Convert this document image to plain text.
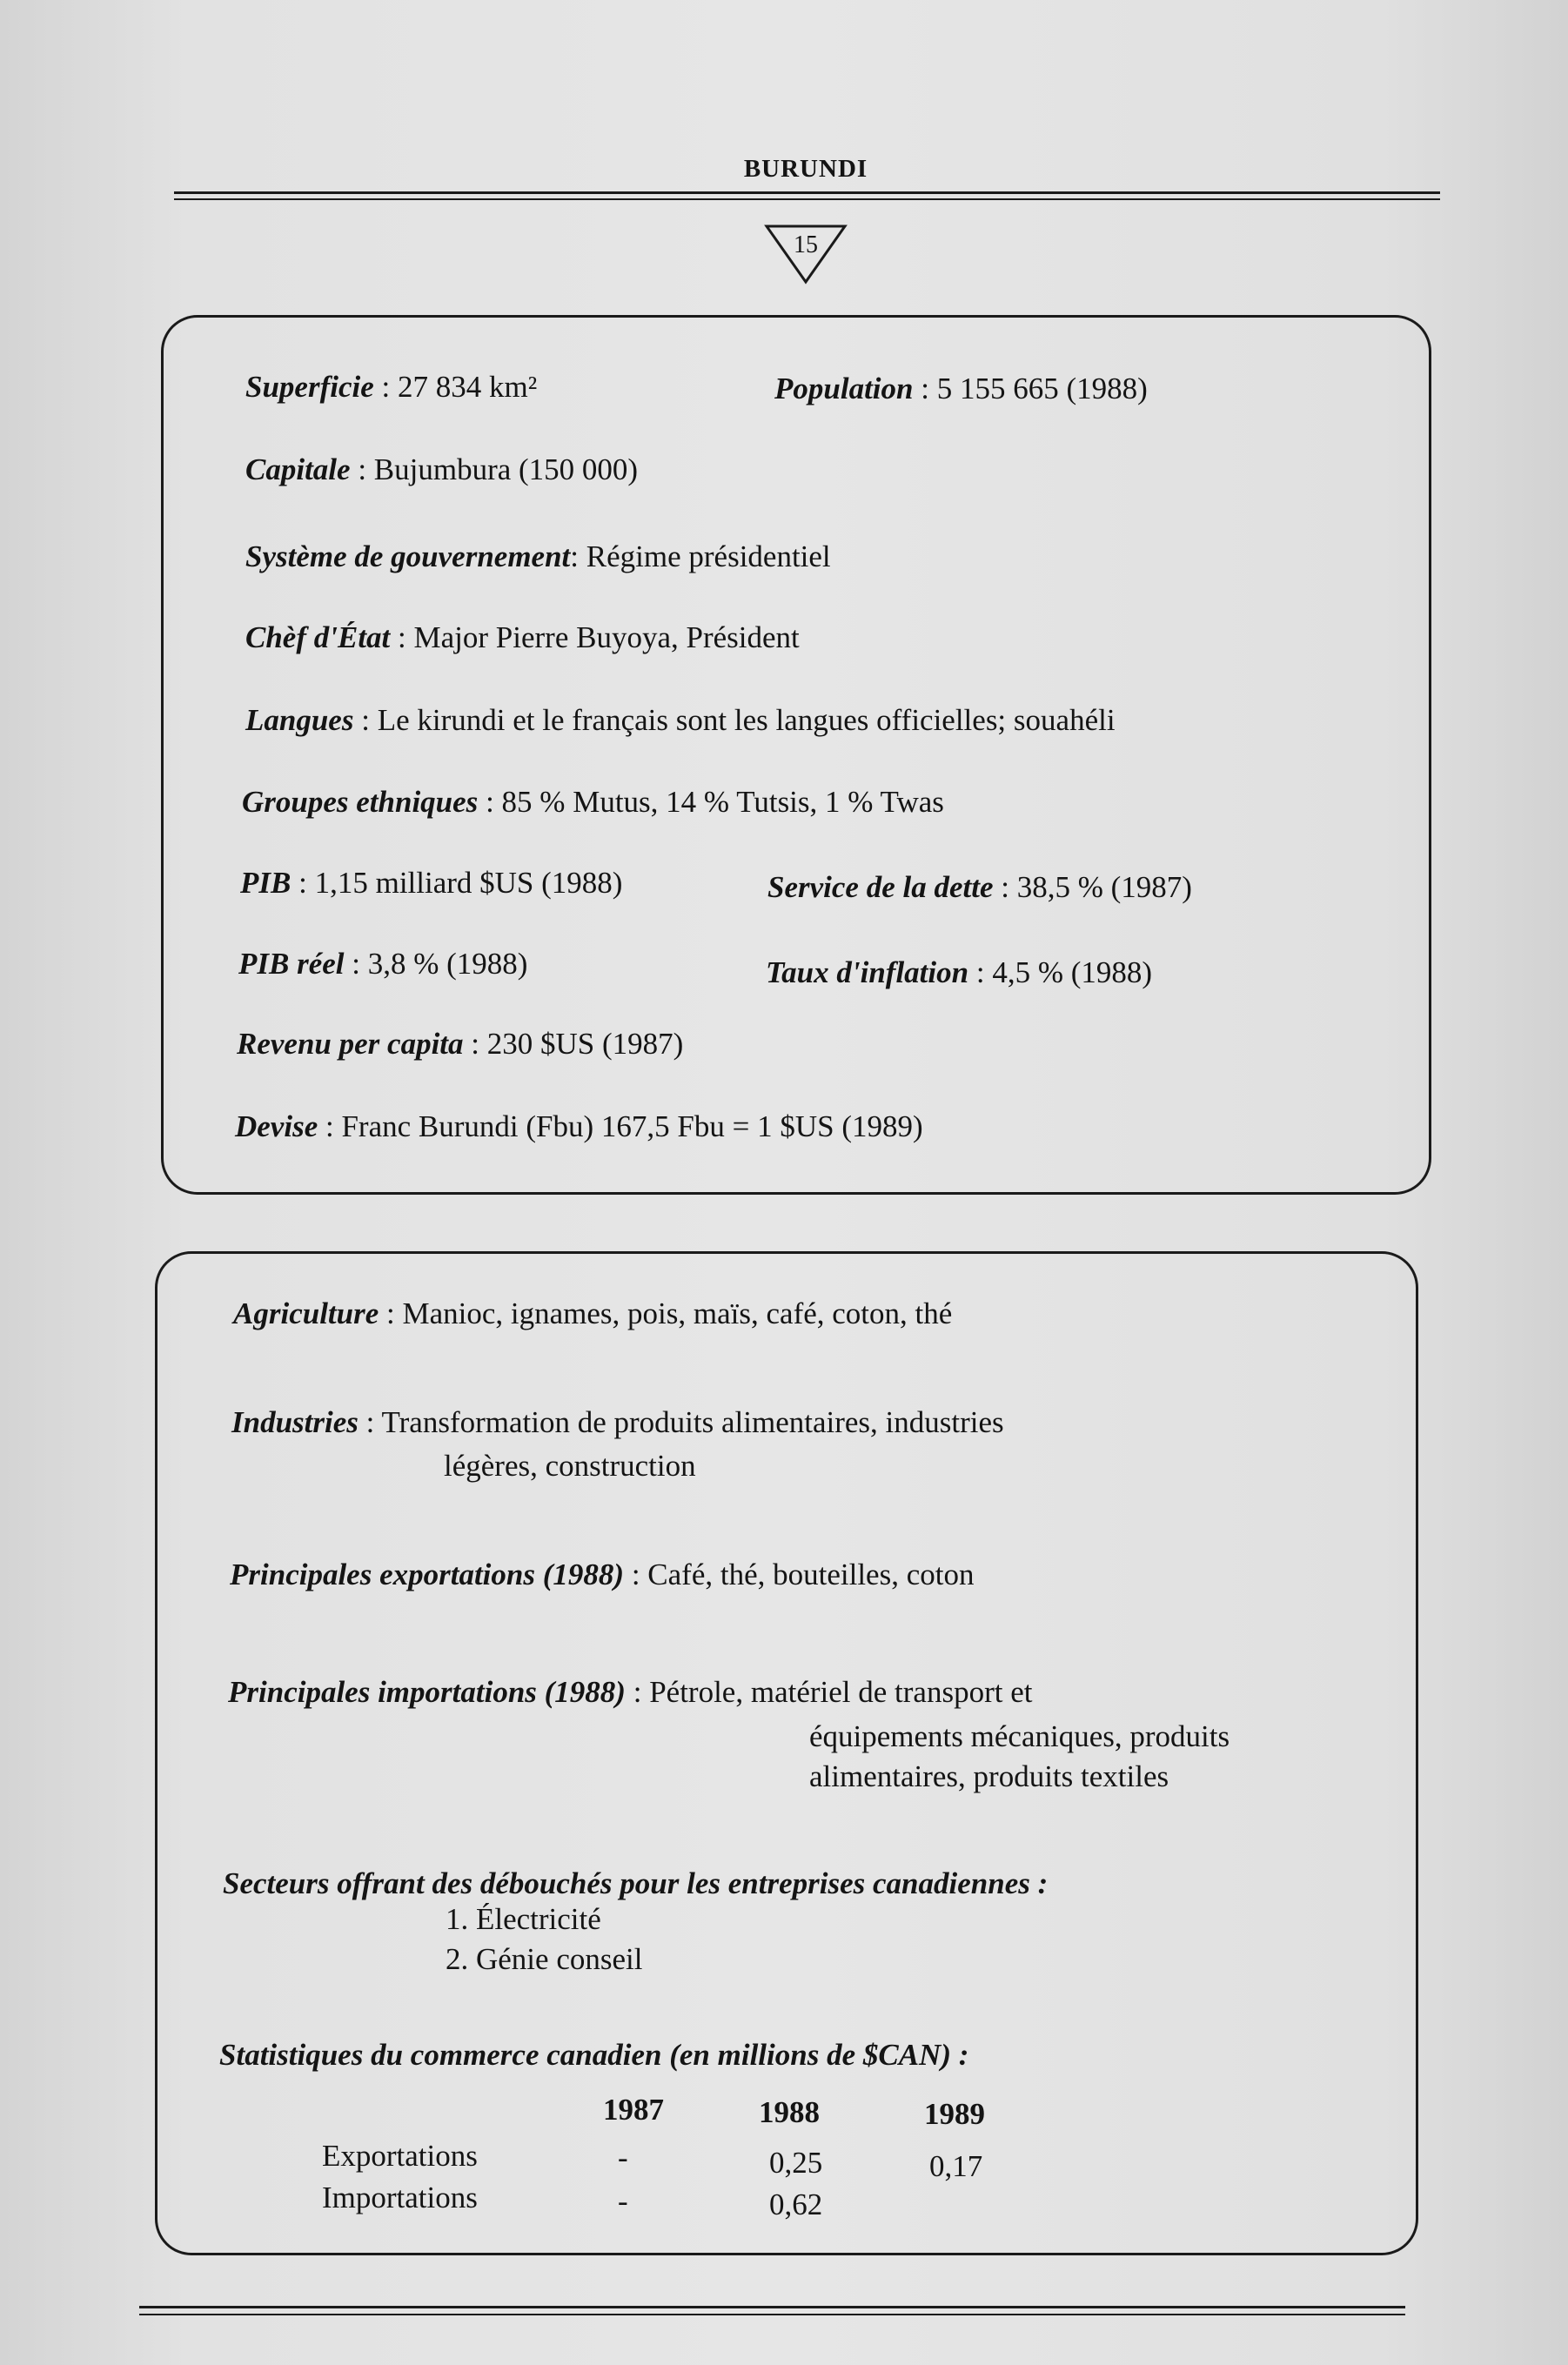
BURUNDI
15
Superficie : 27 834 km²	Population : 5 155 665 (1988)
Capitale : Bujumbura (150 000)
Système de gouvernement: Régime présidentiel
Chèf d'État : Major Pierre Buyoya, Président
Langues : Le kirundi et le français sont les langues officielles; souahéli
Groupes ethniques : 85 % Mutus, 14 % Tutsis, 1 % Twas
PIB : 1,15 milliard $US (1988)	Service de la dette : 38,5 % (1987)
PIB réel : 3,8 % (1988)	Taux d'inflation : 4,5 % (1988)
Revenu per capita : 230 $US (1987)
Devise : Franc Burundi (Fbu) 167,5 Fbu = 1 $US (1989)
Agriculture : Manioc, ignames, pois, maïs, café, coton, thé
Industries : Transformation de produits alimentaires, industries
légères, construction
Principales exportations (1988) : Café, thé, bouteilles, coton
Principales importations (1988) : Pétrole, matériel de transport et
équipements mécaniques, produits
alimentaires, produits textiles
Secteurs offrant des débouchés pour les entreprises canadiennes :
1. Électricité
2. Génie conseil
Statistiques du commerce canadien (en millions de $CAN) :
1987	1988	1989
Exportations	-	0,25	0,17
Importations	-	0,62
